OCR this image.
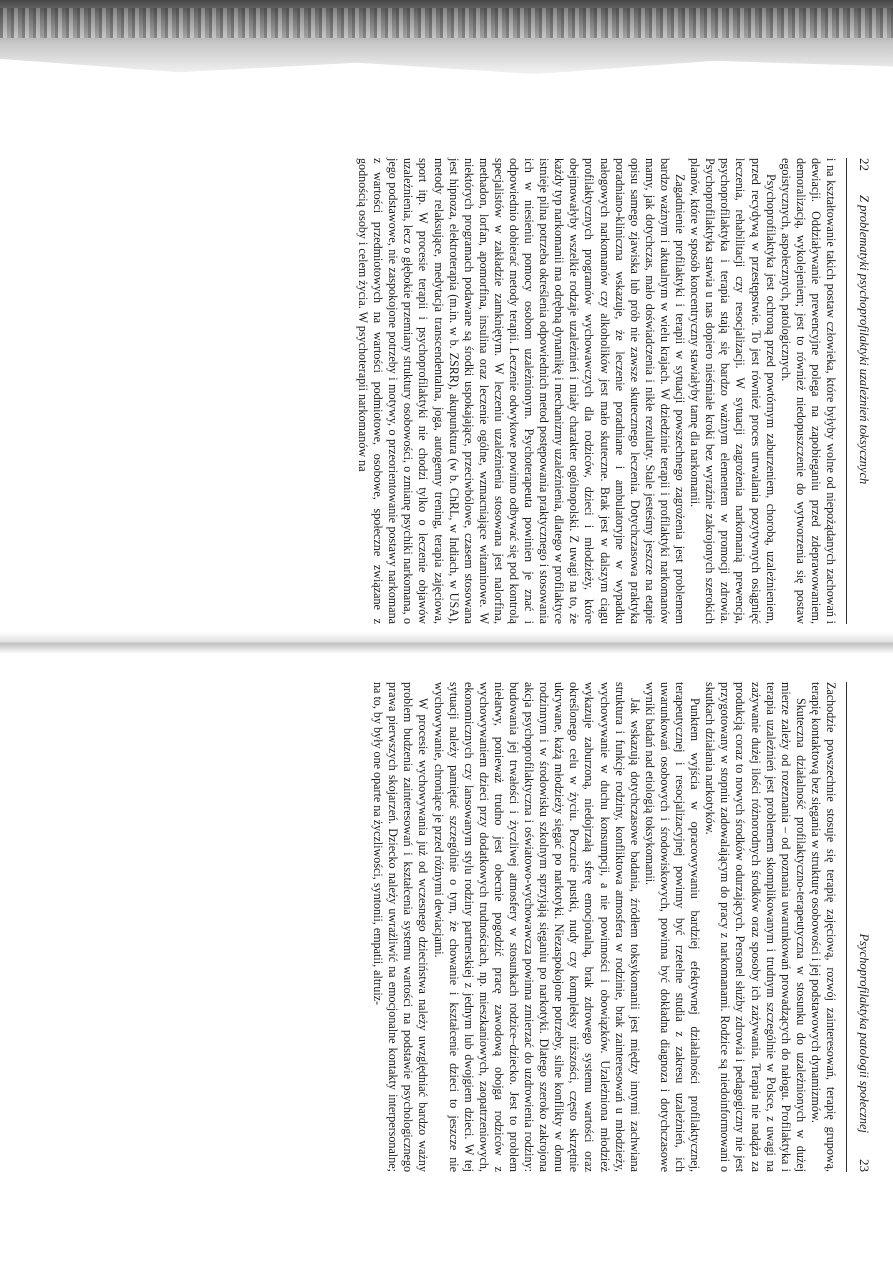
22
Z problematyki psychoprofilaktyki uzależnień toksycznych

i na kształtowanie takich postaw człowieka, które byłyby wolne od niepożądanych zachowań i dewiacji. Oddziaływanie prewencyjne polega na zapobieganiu przed zdeprawowaniem, demoralizacją, wykolejeniem; jest to również niedopuszczenie do wytworzenia się postaw egoistycznych, aspołecznych, patologicznych.

Psychoprofilaktyka jest ochroną przed powtórnym zaburzeniem, chorobą, uzależnieniem, przed recydywą w przestępstwie. To jest również proces utrwalania pozytywnych osiągnięć leczenia, rehabilitacji czy resocjalizacji. W sytuacji zagrożenia narkomanią prewencja, psychoprofilaktyka i terapia stają się bardzo ważnym elementem w promocji zdrowia. Psychoprofilaktyka stawia u nas dopiero nieśmiałe kroki bez wyraźnie zakrojonych szerokich planów, które w sposób koncentryczny stawiałyby tamę dla narkomanii.

Zagadnienie profilaktyki i terapii w sytuacji powszechnego zagrożenia jest problemem bardzo ważnym i aktualnym w wielu krajach. W dziedzinie terapii i profilaktyki narkomanów mamy, jak dotychczas, mało doświadczenia i nikłe rezultaty. Stale jesteśmy jeszcze na etapie opisu samego zjawiska lub prób nie zawsze skutecznego leczenia. Dotychczasowa praktyka poradniano-kliniczna wskazuje, że leczenie poradniane i ambulatoryjne w wypadku nałogowych narkomanów czy alkoholików jest mało skuteczne. Brak jest w dalszym ciągu profilaktycznych programów wychowawczych dla rodziców, dzieci i młodzieży, które obejmowałyby wszelkie rodzaje uzależnień i miały charakter ogólnopolski. Z uwagi na to, że każdy typ narkomanii ma odrębną dynamikę i mechanizmy uzależnienia, dlatego w profilaktyce istnieje pilna potrzeba określenia odpowiednich metod postępowania praktycznego i stosowania ich w niesieniu pomocy osobom uzależnionym. Psychoterapeuta powinien je znać i odpowiednio dobierać metody terapii. Leczenie odwykowe powinno odbywać się pod kontrolą specjalistów w zakładzie zamkniętym. W leczeniu uzależnienia stosowana jest nalorfina, methadon, lorfan, apomorfina, insulina oraz leczenie ogólne, wzmacniające witaminowe. W niektórych programach podawane są środki uspokajające, przeciwbólowe, czasem stosowana jest hipnoza, elektroterapia (m.in. w b. ZSRR), akupunktura (w b. ChRL, w Indiach, w USA), metody relaksujące, medytacja transcendentalna, joga, autogenny trening, terapia zajęciowa, sport itp. W procesie terapii i psychoprofilaktyki nie chodzi tylko o leczenie objawów uzależnienia, lecz o głębokie przemiany struktury osobowości, o zmianę psychiki narkomana, o jego podstawowe, nie zaspokojone potrzeby i motywy, o przeorientowanie postawy narkomana z wartości przedmiotowych na wartości podmiotowe, osobowe, społeczne związane z godnością osoby i celem życia. W psychoterapii narkomanów na

Psychoprofilaktyka patologii społecznej
23

Zachodzie powszechnie stosuje się terapię zajęciową, rozwój zainteresowań, terapię grupową, terapię kontaktową bez sięgania w strukturę osobowości i jej podstawowych dynamizmów.

Skuteczna działalność profilaktyczno-terapeutyczna w stosunku do uzależnionych w dużej mierze zależy od rozeznania – od poznania uwarunkowań prowadzących do nałogu. Profilaktyka i terapia uzależnień jest problemem skomplikowanym i trudnym szczególnie w Polsce, z uwagi na zażywanie dużej ilości różnorodnych środków oraz sposoby ich zażywania. Terapia nie nadąża za produkcją coraz to nowych środków odurzających. Personel służby zdrowia i pedagogiczny nie jest przygotowany w stopniu zadowalającym do pracy z narkomanami. Rodzice są niedoinformowani o skutkach działania narkotyków.

Punktem wyjścia w opracowywaniu bardziej efektywnej działalności profilaktycznej, terapeutycznej i resocjalizacyjnej powinny być rzetelne studia z zakresu uzależnień, ich uwarunkowań osobowych i środowiskowych, powinna być dokładna diagnoza i dotychczasowe wyniki badań nad etiologią toksykomanii.

Jak wskazują dotychczasowe badania, źródłem toksykomanii jest między innymi zachwiana struktura i funkcje rodziny, konfliktowa atmosfera w rodzinie, brak zainteresowań u młodzieży, wychowywanie w duchu konsumpcji, a nie powinności i obowiązków. Uzależniona młodzież wykazuje zaburzoną, niedojrzałą sferę emocjonalną, brak zdrowego systemu wartości oraz określonego celu w życiu. Poczucie pustki, nudy czy kompleksy niższości, często skrzętnie ukrywane, każą młodzieży sięgać po narkotyki. Niezaspokojone potrzeby, silne konflikty w domu rodzinnym i w środowisku szkolnym sprzyjają sięganiu po narkotyki. Dlatego szeroko zakrojona akcja psychoprofilaktyczna i oświatowo-wychowawcza powinna zmierzać do uzdrowienia rodziny: budowania jej trwałości i życzliwej atmosfery w stosunkach rodzice–dziecko. Jest to problem niełatwy, ponieważ trudno jest obecnie pogodzić pracę zawodową obojga rodziców z wychowywaniem dzieci przy dodatkowych trudnościach, np. mieszkaniowych, zaopatrzeniowych, ekonomicznych czy lansowanym stylu rodziny partnerskiej z jednym lub dwojgiem dzieci. W tej sytuacji należy pamiętać szczególnie o tym, że chowanie i kształcenie dzieci to jeszcze nie wychowywanie, chroniące je przed różnymi dewiacjami.

W procesie wychowywania już od wczesnego dzieciństwa należy uwzględniać bardzo ważny problem budzenia zainteresowań i kształcenia systemu wartości na podstawie psychologicznego prawa pierwszych skojarzeń. Dziecko należy uwrażliwić na emocjonalne kontakty interpersonalne; na to, by były one oparte na życzliwości, syntonii, empatii, altruiz-
